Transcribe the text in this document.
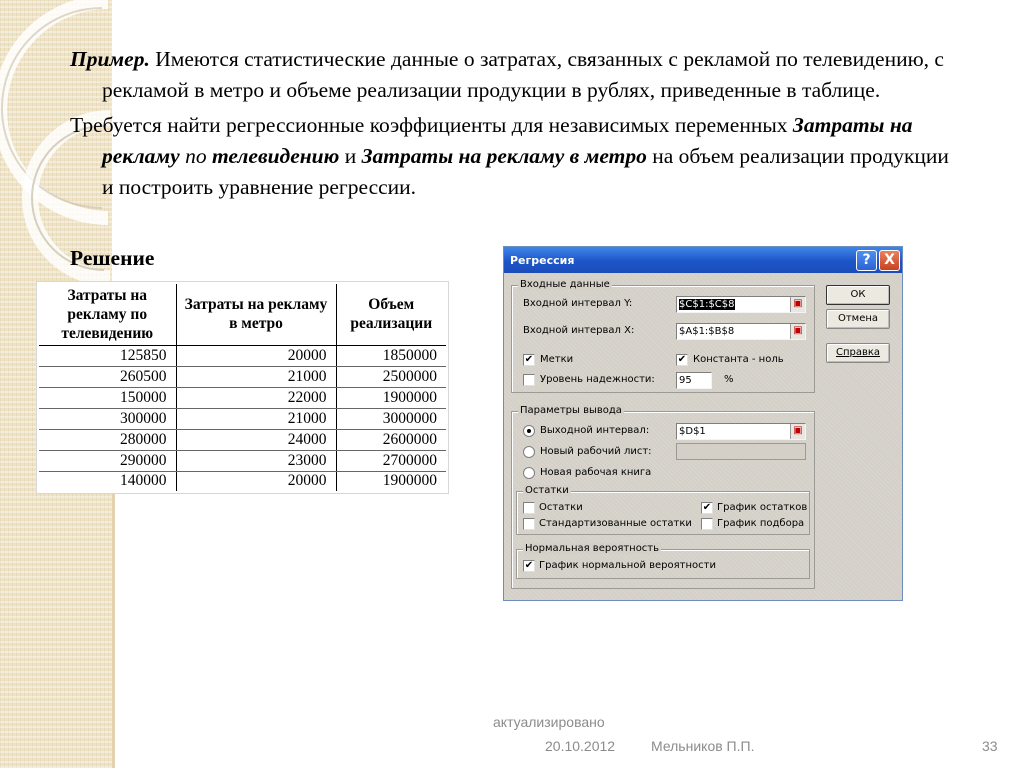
Пример. Имеются статистические данные о затратах, связанных с рекламой по телевидению, с рекламой в метро и объеме реализации продукции в рублях, приведенные в таблице.

Требуется найти регрессионные коэффициенты для независимых переменных Затраты на рекламу по телевидению и Затраты на рекламу в метро на объем реализации продукции и построить уравнение регрессии.

Решение
Затраты на рекламу по телевидению	Затраты на рекламу в метро	Объем реализации
125850	20000	1850000
260500	21000	2500000
150000	22000	1900000
300000	21000	3000000
280000	24000	2600000
290000	23000	2700000
140000	20000	1900000
Регрессия	? X
Входные данные
Входной интервал Y:	$C$1:$C$8	▣
Входной интервал X:	$A$1:$B$8	▣
✔ Метки	✔ Константа - ноль
Уровень надежности:	95	%
Параметры вывода
Выходной интервал:	$D$1	▣
Новый рабочий лист:
Новая рабочая книга
Остатки
Остатки	✔ График остатков
Стандартизованные остатки	График подбора
Нормальная вероятность
✔ График нормальной вероятности
ОК
Отмена
Справка
актуализировано
20.10.2012	Мельников П.П.	33
